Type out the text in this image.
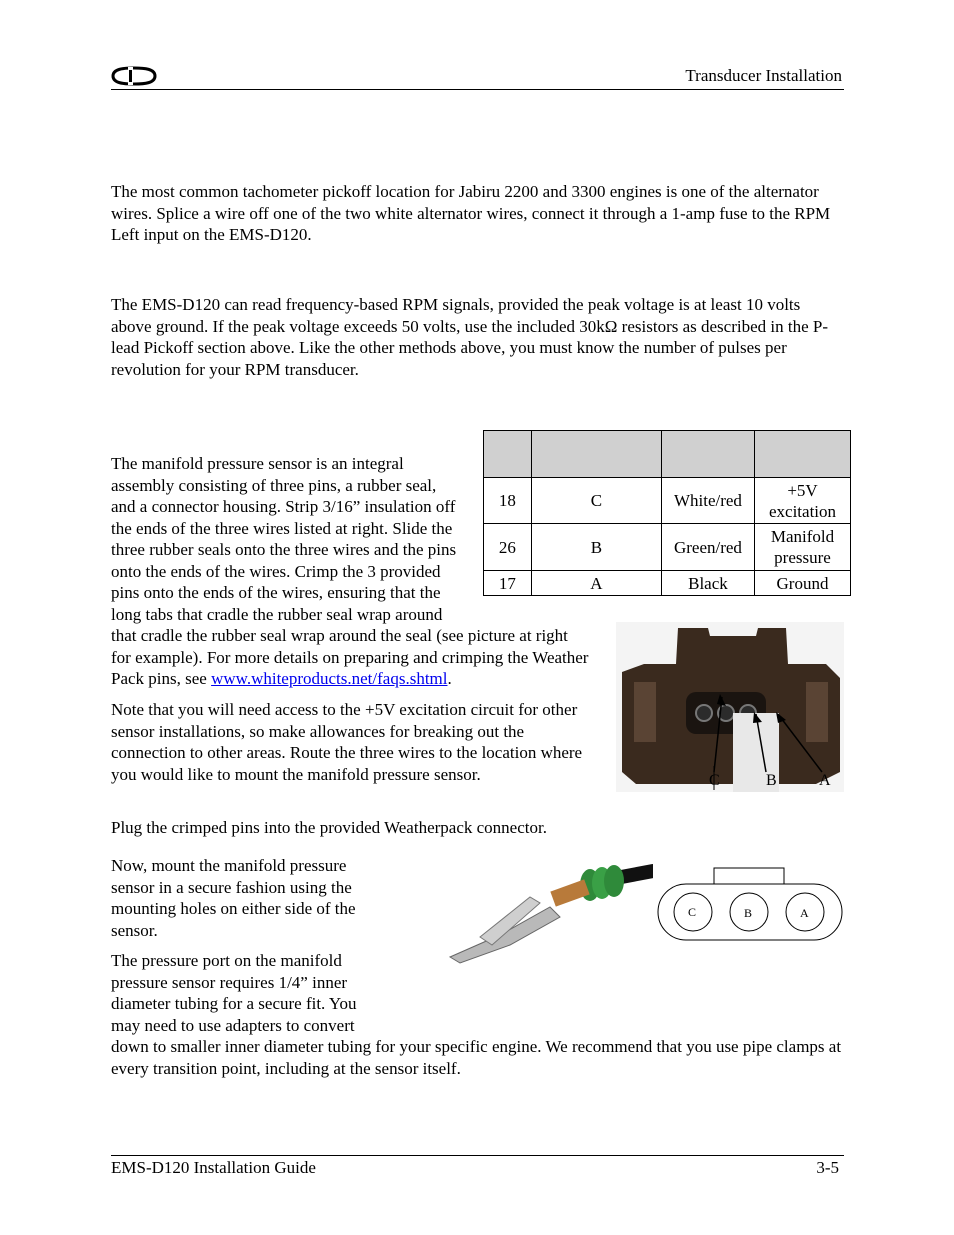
Transducer Installation

The most common tachometer pickoff location for Jabiru 2200 and 3300 engines is one of the alternator wires. Splice a wire off one of the two white alternator wires, connect it through a 1-amp fuse to the RPM Left input on the EMS-D120.

The EMS-D120 can read frequency-based RPM signals, provided the peak voltage is at least 10 volts above ground. If the peak voltage exceeds 50 volts, use the included 30kΩ resistors as described in the P-lead Pickoff section above. Like the other methods above, you must know the number of pulses per revolution for your RPM transducer.

18	C	White/red	+5V excitation
26	B	Green/red	Manifold pressure
17	A	Black	Ground

The manifold pressure sensor is an integral assembly consisting of three pins, a rubber seal, and a connector housing. Strip 3/16” insulation off the ends of the three wires listed at right. Slide the three rubber seals onto the three wires and the pins onto the ends of the wires. Crimp the 3 provided pins onto the ends of the wires, ensuring that the long tabs that cradle the rubber seal wrap around

that cradle the rubber seal wrap around the seal (see picture at right for example). For more details on preparing and crimping the Weather Pack pins, see www.whiteproducts.net/faqs.shtml.

Note that you will need access to the +5V excitation circuit for other sensor installations, so make allowances for breaking out the connection to other areas. Route the three wires to the location where you would like to mount the manifold pressure sensor.

Plug the crimped pins into the provided Weatherpack connector.

Now, mount the manifold pressure sensor in a secure fashion using the mounting holes on either side of the sensor.

The pressure port on the manifold pressure sensor requires 1/4” inner diameter tubing for a secure fit. You may need to use adapters to convert

down to smaller inner diameter tubing for your specific engine. We recommend that you use pipe clamps at every transition point, including at the sensor itself.

C	B	A
C	B	A
EMS-D120 Installation Guide	3-5
